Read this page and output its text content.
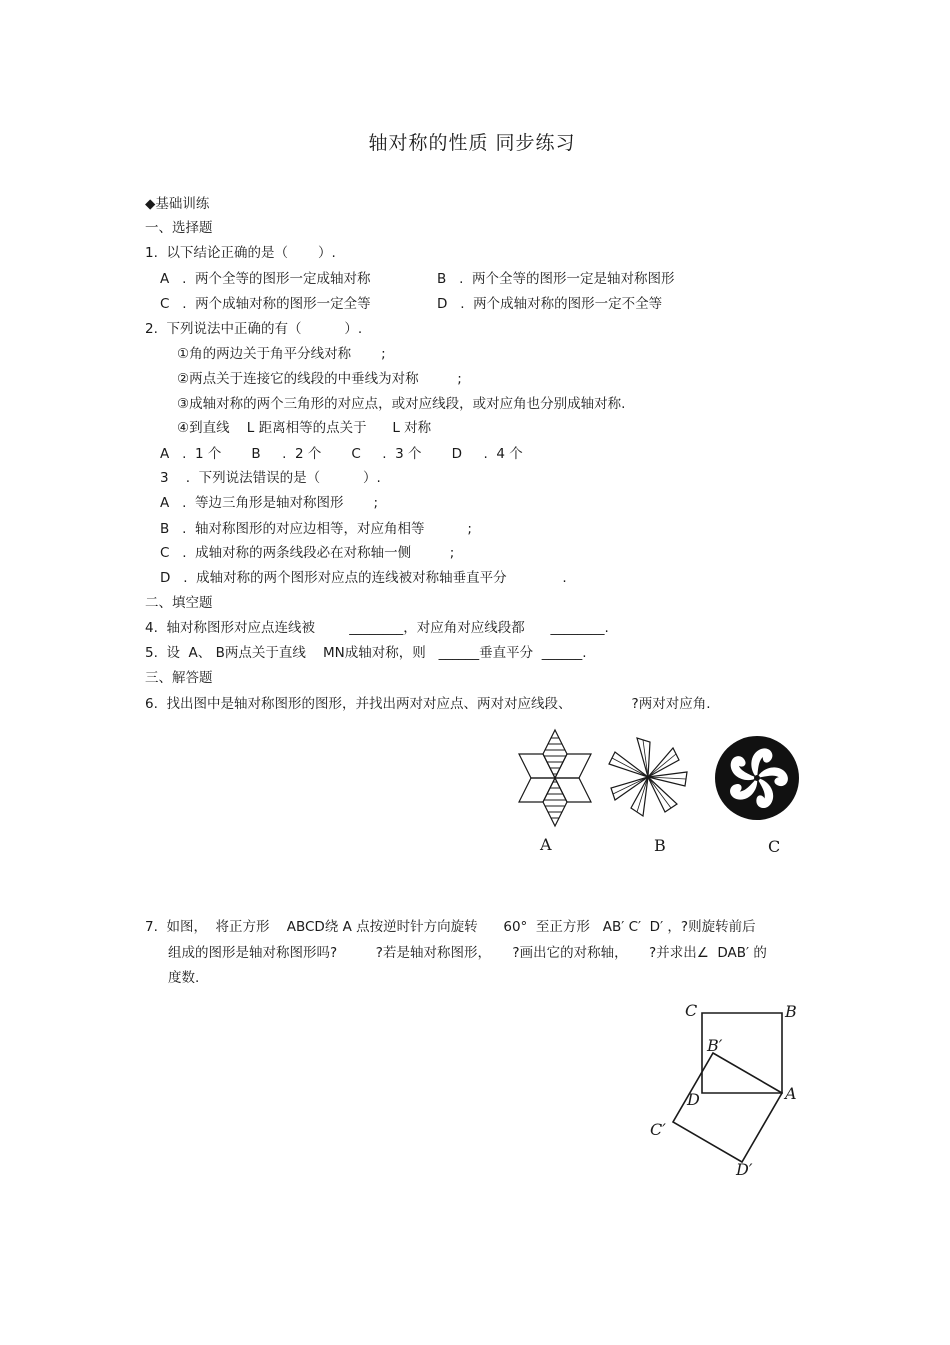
轴对称的性质 同步练习
◆基础训练
一、选择题
1.  以下结论正确的是（       ）.
A   .  两个全等的图形一定成轴对称	B   .  两个全等的图形一定是轴对称图形
C   .  两个成轴对称的图形一定全等	D   .  两个成轴对称的图形一定不全等
2.  下列说法中正确的有（          ）.
①角的两边关于角平分线对称       ;
②两点关于连接它的线段的中垂线为对称         ;
③成轴对称的两个三角形的对应点，或对应线段，或对应角也分别成轴对称.
④到直线    L 距离相等的点关于      L 对称
A   .  1 个       B     .  2 个       C     .  3 个       D     .  4 个
3    .  下列说法错误的是（          ）.
A   .  等边三角形是轴对称图形       ;
B   .  轴对称图形的对应边相等，对应角相等          ;
C   .  成轴对称的两条线段必在对称轴一侧         ;
D   .  成轴对称的两个图形对应点的连线被对称轴垂直平分             .
二、填空题
4.  轴对称图形对应点连线被        ________，对应角对应线段都      ________.
5.  设  A、 B两点关于直线    MN成轴对称，则   ______垂直平分  ______.
三、解答题
6.  找出图中是轴对称图形的图形，并找出两对对应点、两对对应线段、              ?两对对应角.
A	B	C
7.  如图，  将正方形    ABCD绕 A 点按逆时针方向旋转      60°  至正方形   AB′ C′  D′ ，?则旋转前后
组成的图形是轴对称图形吗?         ?若是轴对称图形，     ?画出它的对称轴，     ?并求出∠  DAB′ 的
度数.
C	B
B′
D	A
C′
D′
